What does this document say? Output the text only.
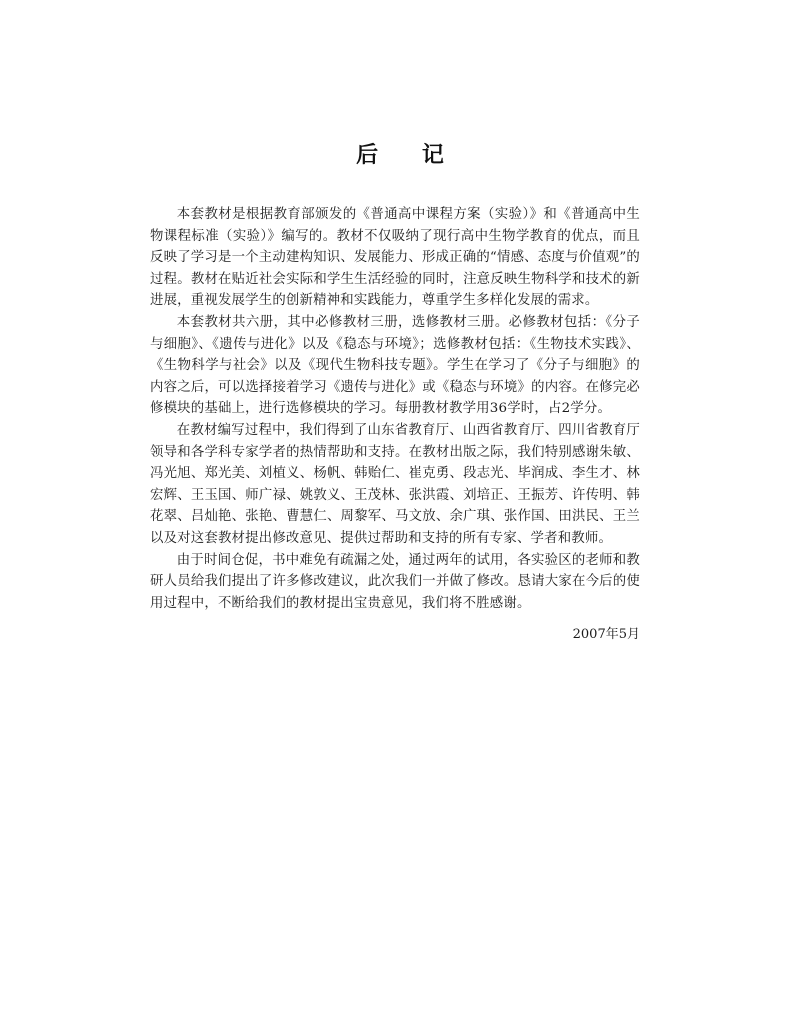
后 记

本套教材是根据教育部颁发的《普通高中课程方案（实验）》和《普通高中生物课程标准（实验）》编写的。教材不仅吸纳了现行高中生物学教育的优点，而且反映了学习是一个主动建构知识、发展能力、形成正确的“情感、态度与价值观”的过程。教材在贴近社会实际和学生生活经验的同时，注意反映生物科学和技术的新进展，重视发展学生的创新精神和实践能力，尊重学生多样化发展的需求。

本套教材共六册，其中必修教材三册，选修教材三册。必修教材包括：《分子与细胞》、《遗传与进化》以及《稳态与环境》；选修教材包括：《生物技术实践》、《生物科学与社会》以及《现代生物科技专题》。学生在学习了《分子与细胞》的内容之后，可以选择接着学习《遗传与进化》或《稳态与环境》的内容。在修完必修模块的基础上，进行选修模块的学习。每册教材教学用36学时，占2学分。

在教材编写过程中，我们得到了山东省教育厅、山西省教育厅、四川省教育厅领导和各学科专家学者的热情帮助和支持。在教材出版之际，我们特别感谢朱敏、冯光旭、郑光美、刘植义、杨帆、韩贻仁、崔克勇、段志光、毕润成、李生才、林宏辉、王玉国、师广禄、姚敦义、王茂林、张洪霞、刘培正、王振芳、许传明、韩花翠、吕灿艳、张艳、曹慧仁、周黎军、马文放、余广琪、张作国、田洪民、王兰以及对这套教材提出修改意见、提供过帮助和支持的所有专家、学者和教师。

由于时间仓促，书中难免有疏漏之处，通过两年的试用，各实验区的老师和教研人员给我们提出了许多修改建议，此次我们一并做了修改。恳请大家在今后的使用过程中，不断给我们的教材提出宝贵意见，我们将不胜感谢。

2007年5月
